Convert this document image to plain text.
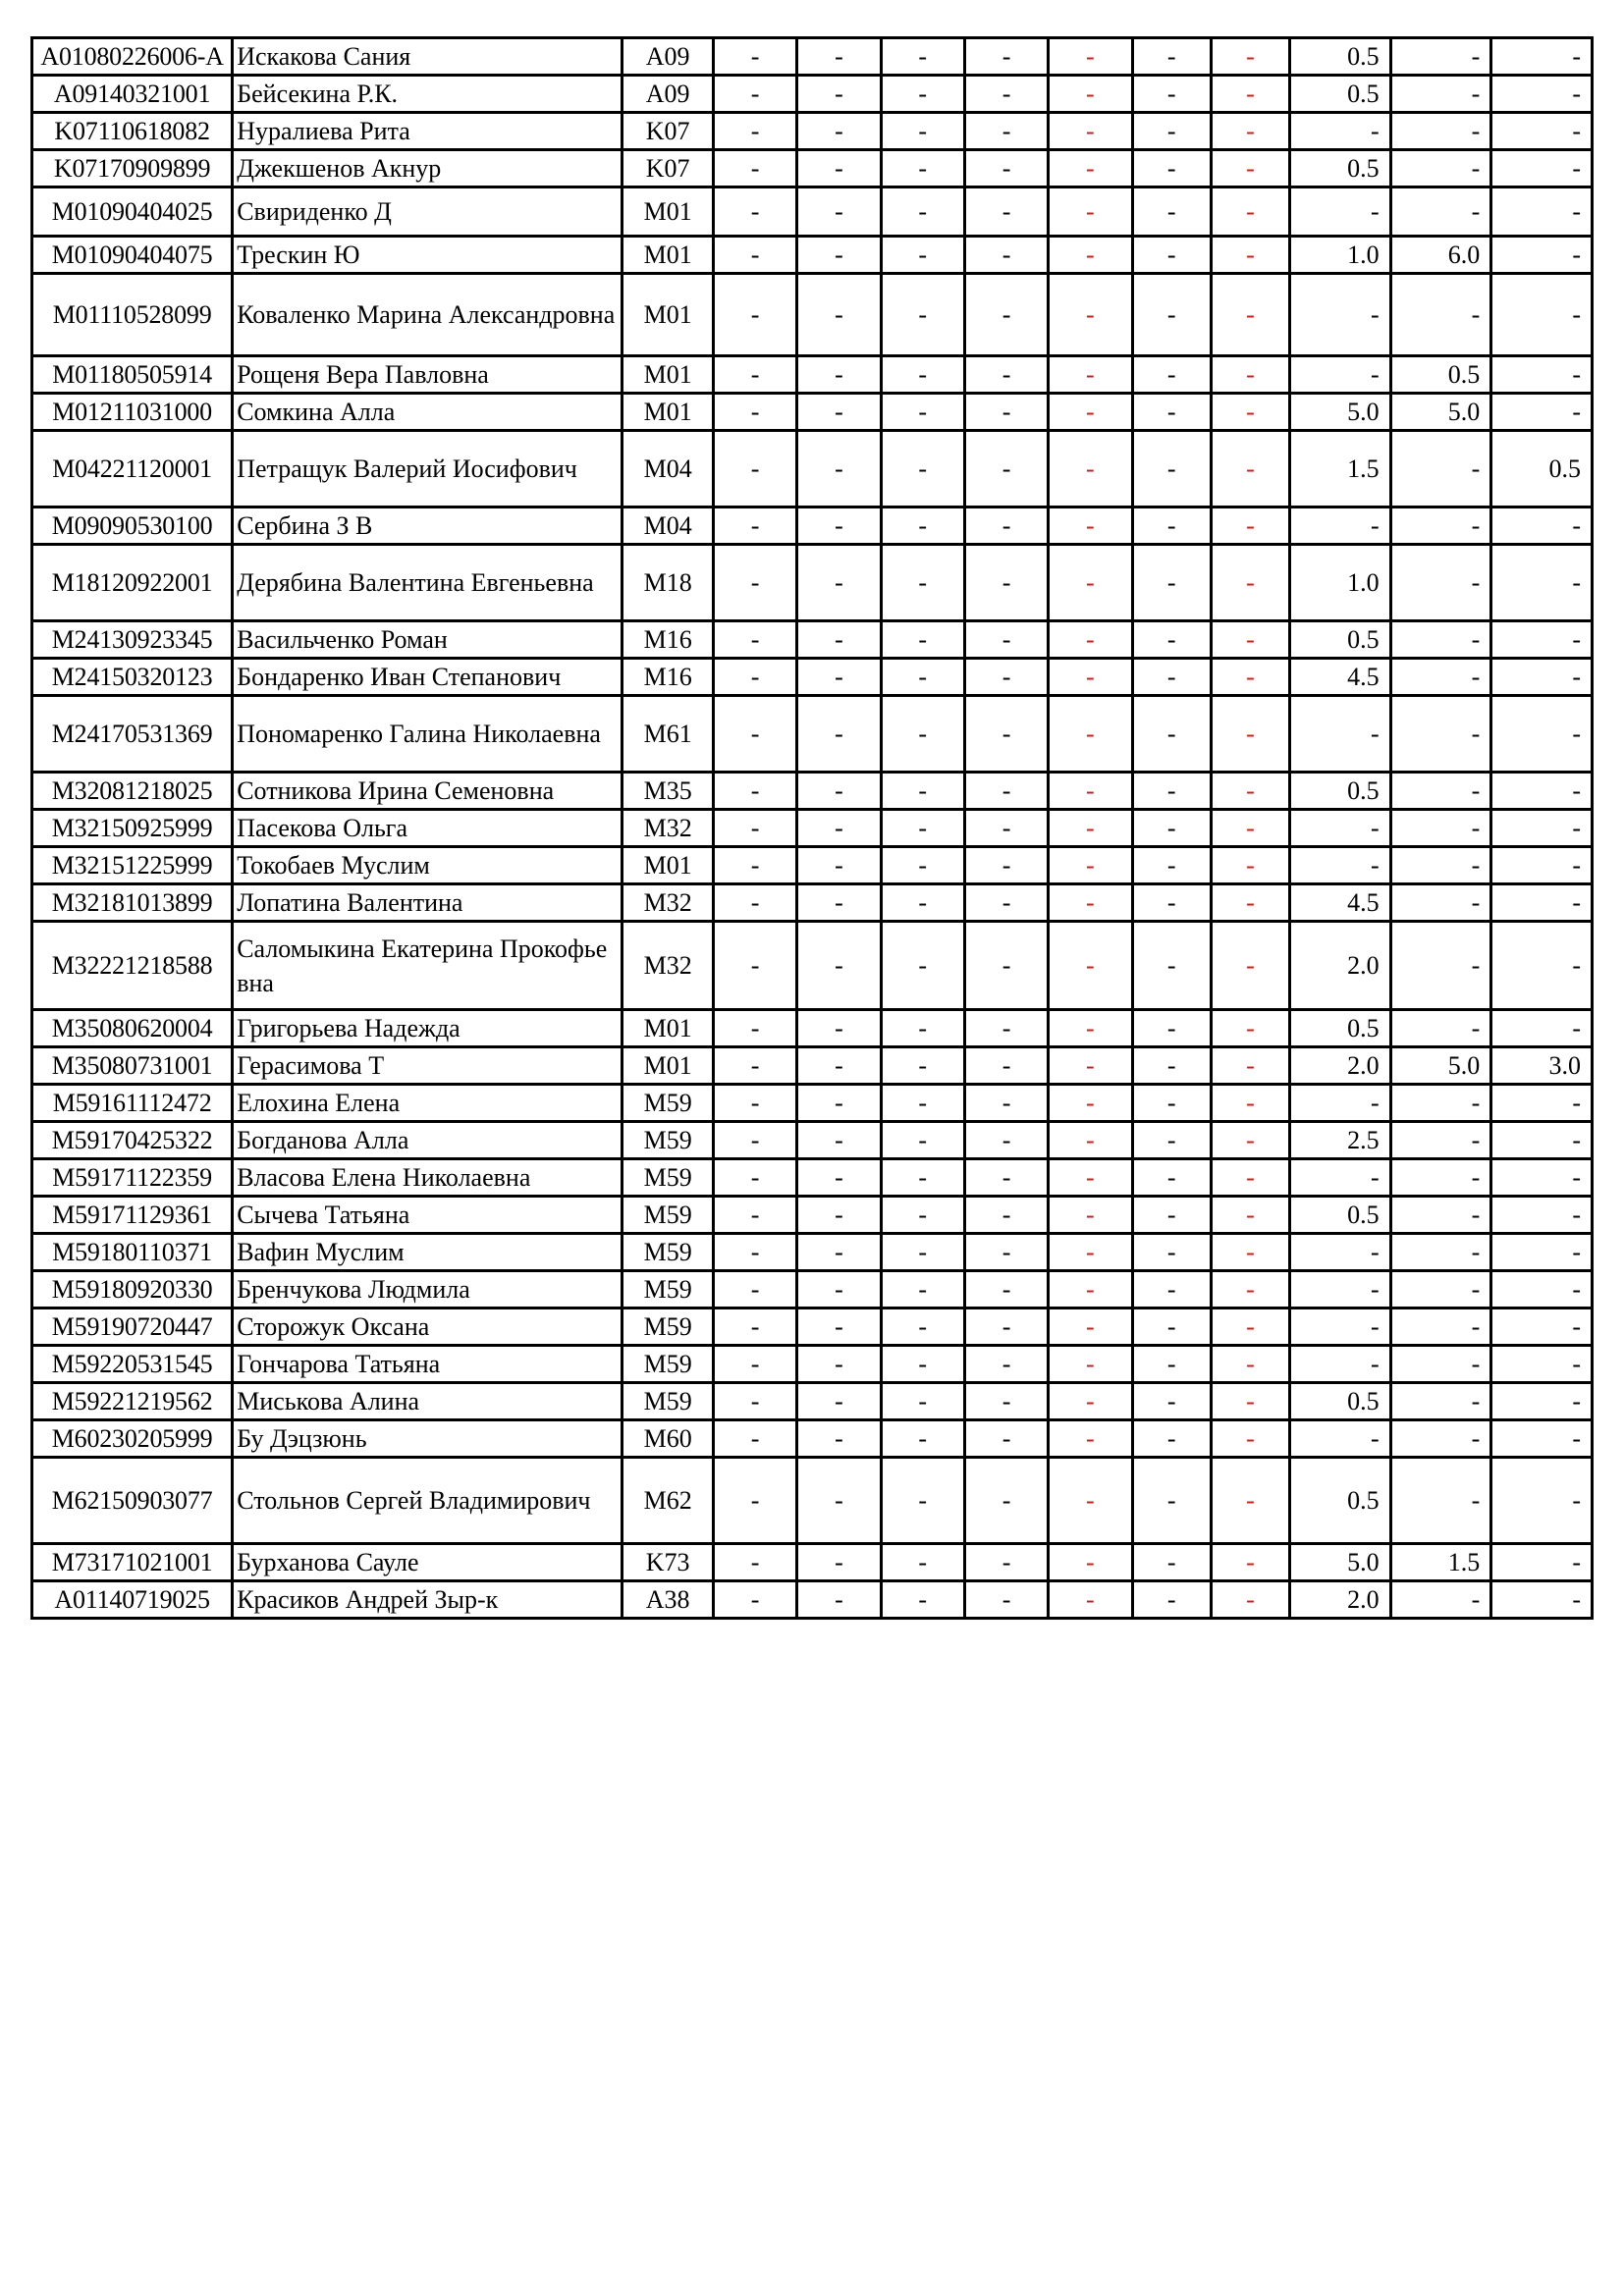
A01080226006-A	Искакова Сания	A09	-	-	-	-	-	-	-	0.5	-	-
A09140321001	Бейсекина Р.К.	A09	-	-	-	-	-	-	-	0.5	-	-
K07110618082	Нуралиева Рита	K07	-	-	-	-	-	-	-	-	-	-
K07170909899	Джекшенов Акнур	K07	-	-	-	-	-	-	-	0.5	-	-
M01090404025	Свириденко Д	M01	-	-	-	-	-	-	-	-	-	-
M01090404075	Трескин Ю	M01	-	-	-	-	-	-	-	1.0	6.0	-
M01110528099	Коваленко Марина Александровна	M01	-	-	-	-	-	-	-	-	-	-
M01180505914	Рощеня Вера Павловна	M01	-	-	-	-	-	-	-	-	0.5	-
M01211031000	Сомкина Алла	M01	-	-	-	-	-	-	-	5.0	5.0	-
M04221120001	Петращук Валерий Иосифович	M04	-	-	-	-	-	-	-	1.5	-	0.5
M09090530100	Сербина З В	M04	-	-	-	-	-	-	-	-	-	-
M18120922001	Дерябина Валентина Евгеньевна	M18	-	-	-	-	-	-	-	1.0	-	-
M24130923345	Васильченко Роман	M16	-	-	-	-	-	-	-	0.5	-	-
M24150320123	Бондаренко Иван Степанович	M16	-	-	-	-	-	-	-	4.5	-	-
M24170531369	Пономаренко Галина Николаевна	M61	-	-	-	-	-	-	-	-	-	-
M32081218025	Сотникова Ирина Семеновна	M35	-	-	-	-	-	-	-	0.5	-	-
M32150925999	Пасекова Ольга	M32	-	-	-	-	-	-	-	-	-	-
M32151225999	Токобаев Муслим	M01	-	-	-	-	-	-	-	-	-	-
M32181013899	Лопатина Валентина	M32	-	-	-	-	-	-	-	4.5	-	-
M32221218588	Саломыкина Екатерина Прокофьевна	M32	-	-	-	-	-	-	-	2.0	-	-
M35080620004	Григорьева Надежда	M01	-	-	-	-	-	-	-	0.5	-	-
M35080731001	Герасимова Т	M01	-	-	-	-	-	-	-	2.0	5.0	3.0
M59161112472	Елохина Елена	M59	-	-	-	-	-	-	-	-	-	-
M59170425322	Богданова Алла	M59	-	-	-	-	-	-	-	2.5	-	-
M59171122359	Власова Елена Николаевна	M59	-	-	-	-	-	-	-	-	-	-
M59171129361	Сычева Татьяна	M59	-	-	-	-	-	-	-	0.5	-	-
M59180110371	Вафин Муслим	M59	-	-	-	-	-	-	-	-	-	-
M59180920330	Бренчукова Людмила	M59	-	-	-	-	-	-	-	-	-	-
M59190720447	Сторожук Оксана	M59	-	-	-	-	-	-	-	-	-	-
M59220531545	Гончарова Татьяна	M59	-	-	-	-	-	-	-	-	-	-
M59221219562	Миськова Алина	M59	-	-	-	-	-	-	-	0.5	-	-
M60230205999	Бу Дэцзюнь	M60	-	-	-	-	-	-	-	-	-	-
M62150903077	Стольнов Сергей Владимирович	M62	-	-	-	-	-	-	-	0.5	-	-
M73171021001	Бурханова Сауле	K73	-	-	-	-	-	-	-	5.0	1.5	-
A01140719025	Красиков Андрей Зыр-к	A38	-	-	-	-	-	-	-	2.0	-	-
